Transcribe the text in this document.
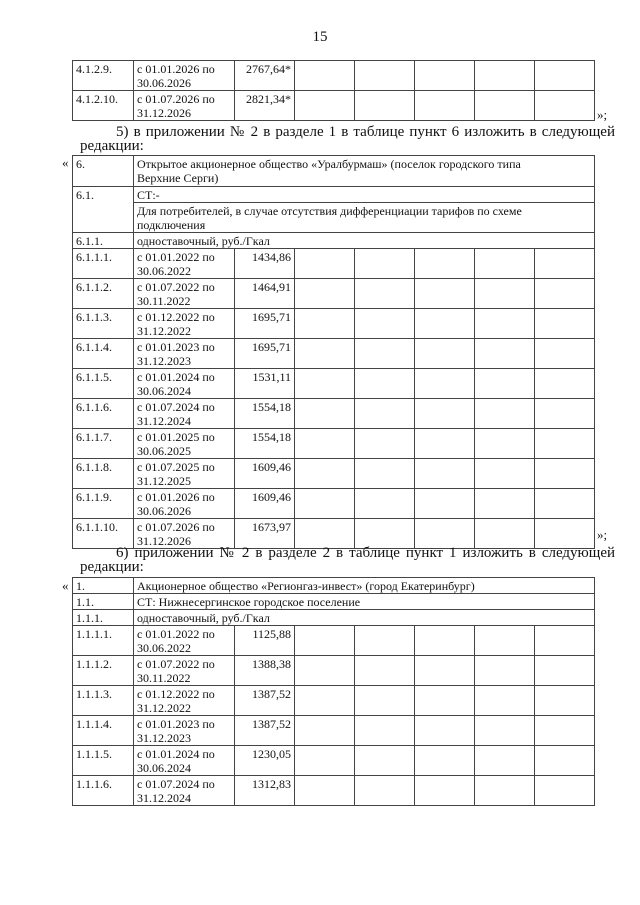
15
4.1.2.9.	с 01.01.2026 по
30.06.2026	2767,64*					
4.1.2.10.	с 01.07.2026 по
31.12.2026	2821,34*					
»;
5) в приложении № 2 в разделе 1 в таблице пункт 6 изложить в следующей
редакции:
« 6.	Открытое акционерное общество «Уралбурмаш» (поселок городского типа
Верхние Серги)						

6.1.	СТ:-						

	Для потребителей, в случае отсутствия дифференциации тарифов по схеме
подключения						

6.1.1.	одноставочный, руб./Гкал						
6.1.1.1.	с 01.01.2022 по
30.06.2022	1434,86					
6.1.1.2.	с 01.07.2022 по
30.11.2022	1464,91					
6.1.1.3.	с 01.12.2022 по
31.12.2022	1695,71					
6.1.1.4.	с 01.01.2023 по
31.12.2023	1695,71					
6.1.1.5.	с 01.01.2024 по
30.06.2024	1531,11					
6.1.1.6.	с 01.07.2024 по
31.12.2024	1554,18					
6.1.1.7.	с 01.01.2025 по
30.06.2025	1554,18					
6.1.1.8.	с 01.07.2025 по
31.12.2025	1609,46					
6.1.1.9.	с 01.01.2026 по
30.06.2026	1609,46					
6.1.1.10.	с 01.07.2026 по
31.12.2026	1673,97						»;
6) приложении № 2 в разделе 2 в таблице пункт 1 изложить в следующей
редакции:
« 1.	Акционерное общество «Регионгаз-инвест» (город Екатеринбург)						
1.1.	СТ: Нижнесергинское городское поселение						
1.1.1.	одноставочный, руб./Гкал						
1.1.1.1.	с 01.01.2022 по
30.06.2022	1125,88					
1.1.1.2.	с 01.07.2022 по
30.11.2022	1388,38					
1.1.1.3.	с 01.12.2022 по
31.12.2022	1387,52					
1.1.1.4.	с 01.01.2023 по
31.12.2023	1387,52					
1.1.1.5.	с 01.01.2024 по
30.06.2024	1230,05					
1.1.1.6.	с 01.07.2024 по
31.12.2024	1312,83					
